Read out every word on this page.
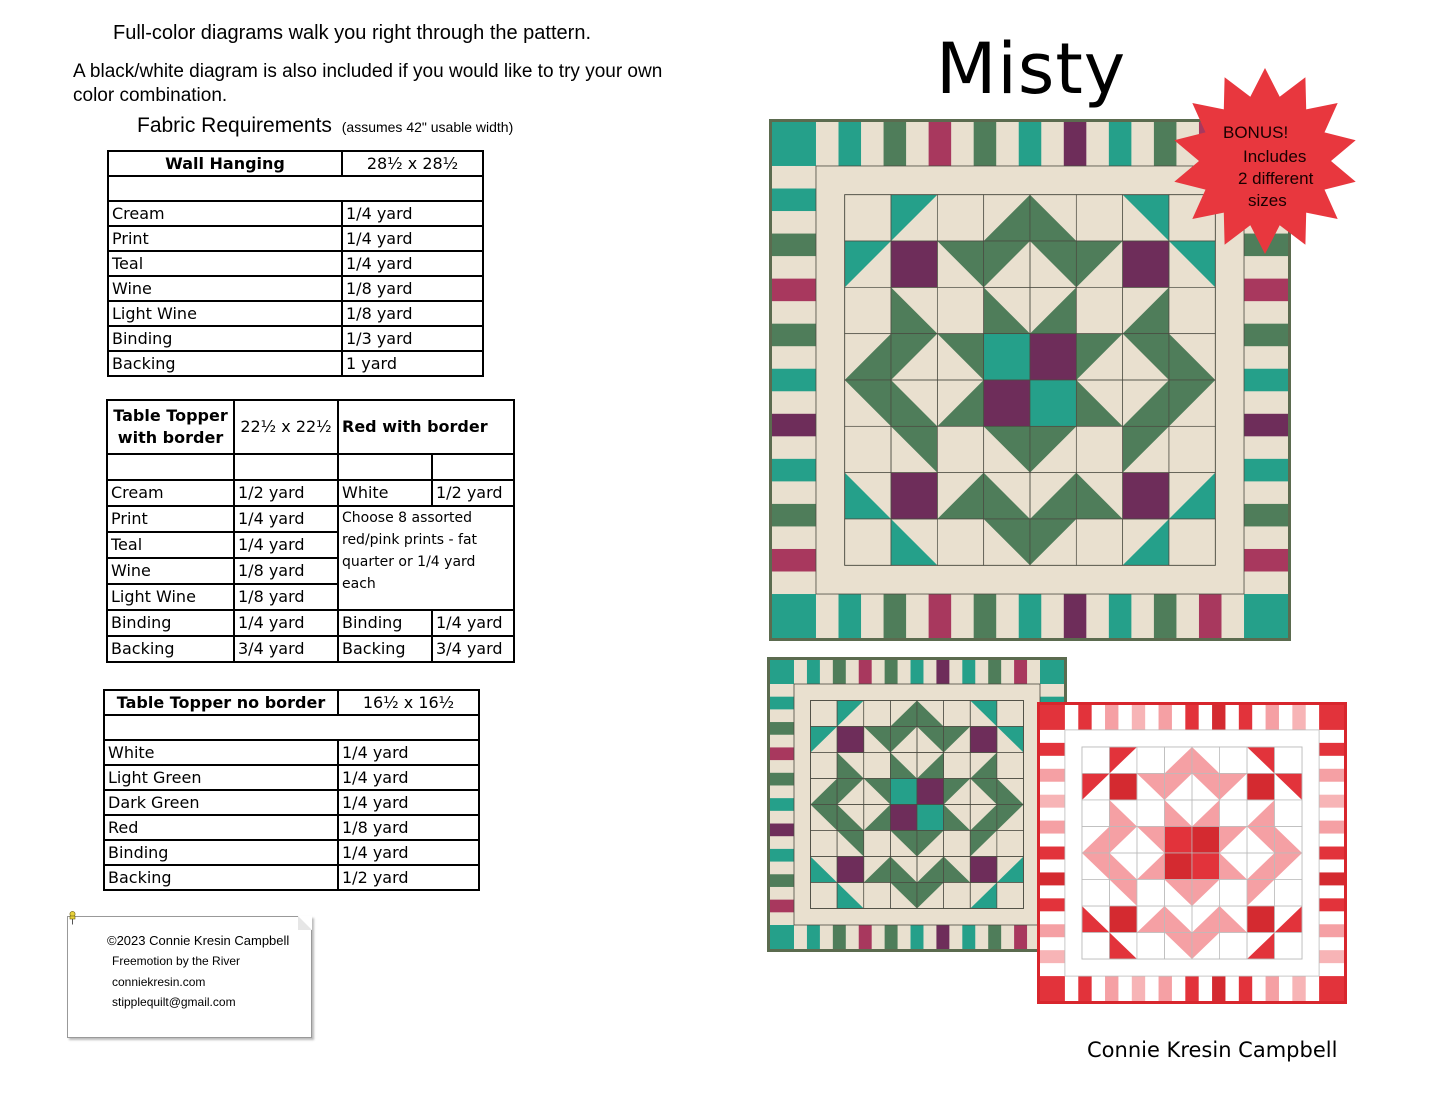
Full-color diagrams walk you right through the pattern.
A black/white diagram is also included if you would like to try your own color combination.
Fabric Requirements (assumes 42" usable width)
Wall Hanging	28½ x 28½

Cream	1/4 yard
Print	1/4 yard
Teal	1/4 yard
Wine	1/8 yard
Light Wine	1/8 yard
Binding	1/3 yard
Backing	1 yard
Table Topper with border	22½ x 22½	Red with border	

Cream	1/2 yard	White	1/2 yard
Print	1/4 yard	Choose 8 assorted red/pink prints - fat quarter or 1/4 yard each	
Teal	1/4 yard		
Wine	1/8 yard		
Light Wine	1/8 yard		
Binding	1/4 yard	Binding	1/4 yard
Backing	3/4 yard	Backing	3/4 yard
Table Topper no border	16½ x 16½

White	1/4 yard
Light Green	1/4 yard
Dark Green	1/4 yard
Red	1/8 yard
Binding	1/4 yard
Backing	1/2 yard
©2023 Connie Kresin Campbell
Freemotion by the River
conniekresin.com
stipplequilt@gmail.com
Misty
BONUS!
Includes
2 different
sizes
Connie Kresin Campbell
